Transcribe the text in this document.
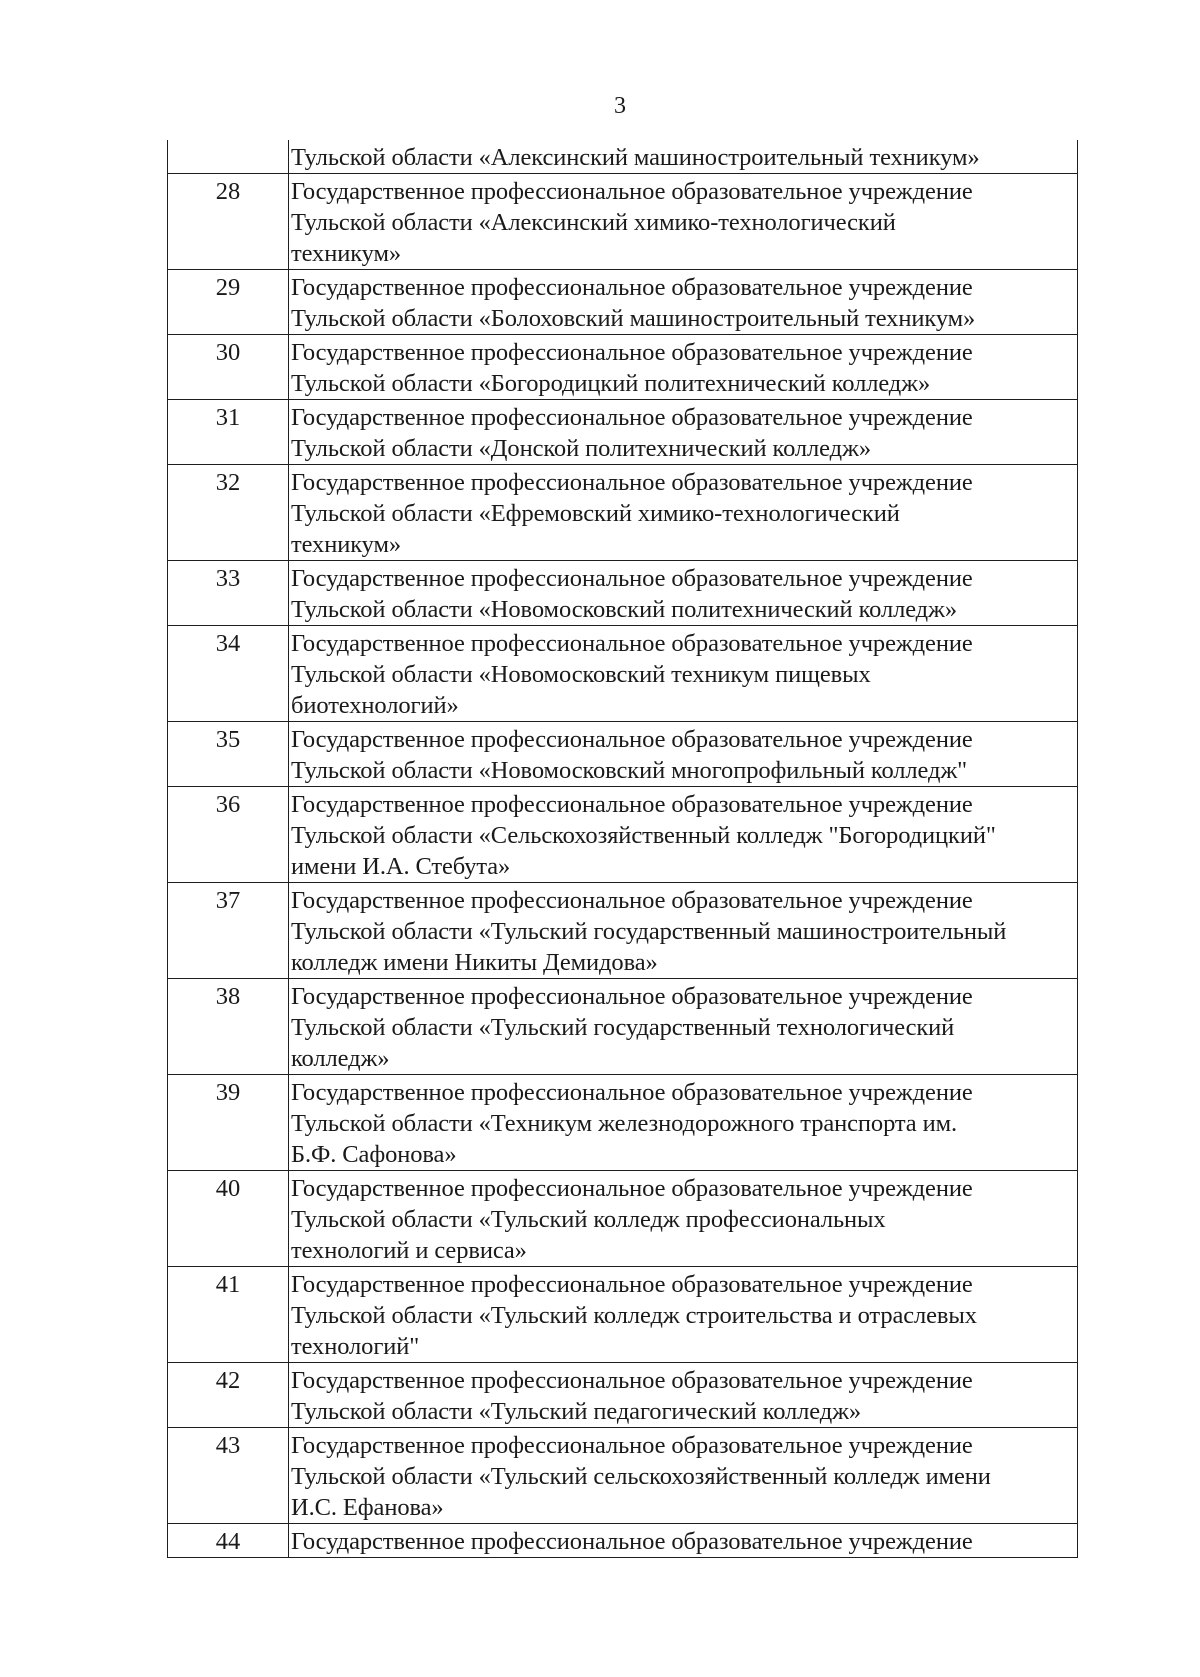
3

	Тульской области «Алексинский машиностроительный техникум»

28	Государственное профессиональное образовательное учреждение
Тульской области «Алексинский химико-технологический
техникум»

29	Государственное профессиональное образовательное учреждение
Тульской области «Болоховский машиностроительный техникум»

30	Государственное профессиональное образовательное учреждение
Тульской области «Богородицкий политехнический колледж»

31	Государственное профессиональное образовательное учреждение
Тульской области «Донской политехнический колледж»

32	Государственное профессиональное образовательное учреждение
Тульской области «Ефремовский химико-технологический
техникум»

33	Государственное профессиональное образовательное учреждение
Тульской области «Новомосковский политехнический колледж»

34	Государственное профессиональное образовательное учреждение
Тульской области «Новомосковский техникум пищевых
биотехнологий»

35	Государственное профессиональное образовательное учреждение
Тульской области «Новомосковский многопрофильный колледж"

36	Государственное профессиональное образовательное учреждение
Тульской области «Сельскохозяйственный колледж "Богородицкий"
имени И.А. Стебута»

37	Государственное профессиональное образовательное учреждение
Тульской области «Тульский государственный машиностроительный
колледж имени Никиты Демидова»

38	Государственное профессиональное образовательное учреждение
Тульской области «Тульский государственный технологический
колледж»

39	Государственное профессиональное образовательное учреждение
Тульской области «Техникум железнодорожного транспорта им.
Б.Ф. Сафонова»

40	Государственное профессиональное образовательное учреждение
Тульской области «Тульский колледж профессиональных
технологий и сервиса»

41	Государственное профессиональное образовательное учреждение
Тульской области «Тульский колледж строительства и отраслевых
технологий"

42	Государственное профессиональное образовательное учреждение
Тульской области «Тульский педагогический колледж»

43	Государственное профессиональное образовательное учреждение
Тульской области «Тульский сельскохозяйственный колледж имени
И.С. Ефанова»

44	Государственное профессиональное образовательное учреждение
